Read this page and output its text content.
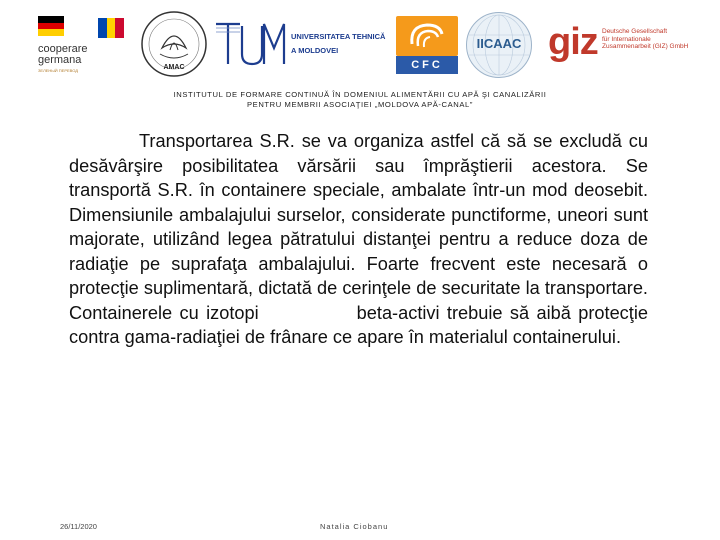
cooperare
germana
ЗЕЛЕНЫЙ ПЕРЕВОД	AMAC
UNIVERSITATEA TEHNICĂ
A MOLDOVEI
CFC
IICAAC giz Deutsche Gesellschaft
für Internationale
Zusammenarbeit (GIZ) GmbH
INSTITUTUL DE FORMARE CONTINUĂ ÎN DOMENIUL ALIMENTĂRII CU APĂ ŞI CANALIZĂRII
PENTRU MEMBRII ASOCIAŢIEI „MOLDOVA APĂ-CANAL”
Transportarea S.R. se va organiza astfel că să se excludă cu desăvârşire posibilitatea vărsării sau împrăştierii acestora. Se transportă S.R. în containere speciale, ambalate într-un mod deosebit. Dimensiunile ambalajului surselor, considerate punctiforme, uneori sunt majorate, utilizând legea pătratului distanţei pentru a reduce doza de radiaţie pe suprafaţa ambalajului. Foarte frecvent este necesară o protecţie suplimentară, dictată de cerinţele de securitate la transportare. Containerele cu izotopi	beta-activi trebuie să aibă protecţie contra gama-radiaţiei de frânare ce apare în materialul containerului.
26/11/2020	Natalia Ciobanu
